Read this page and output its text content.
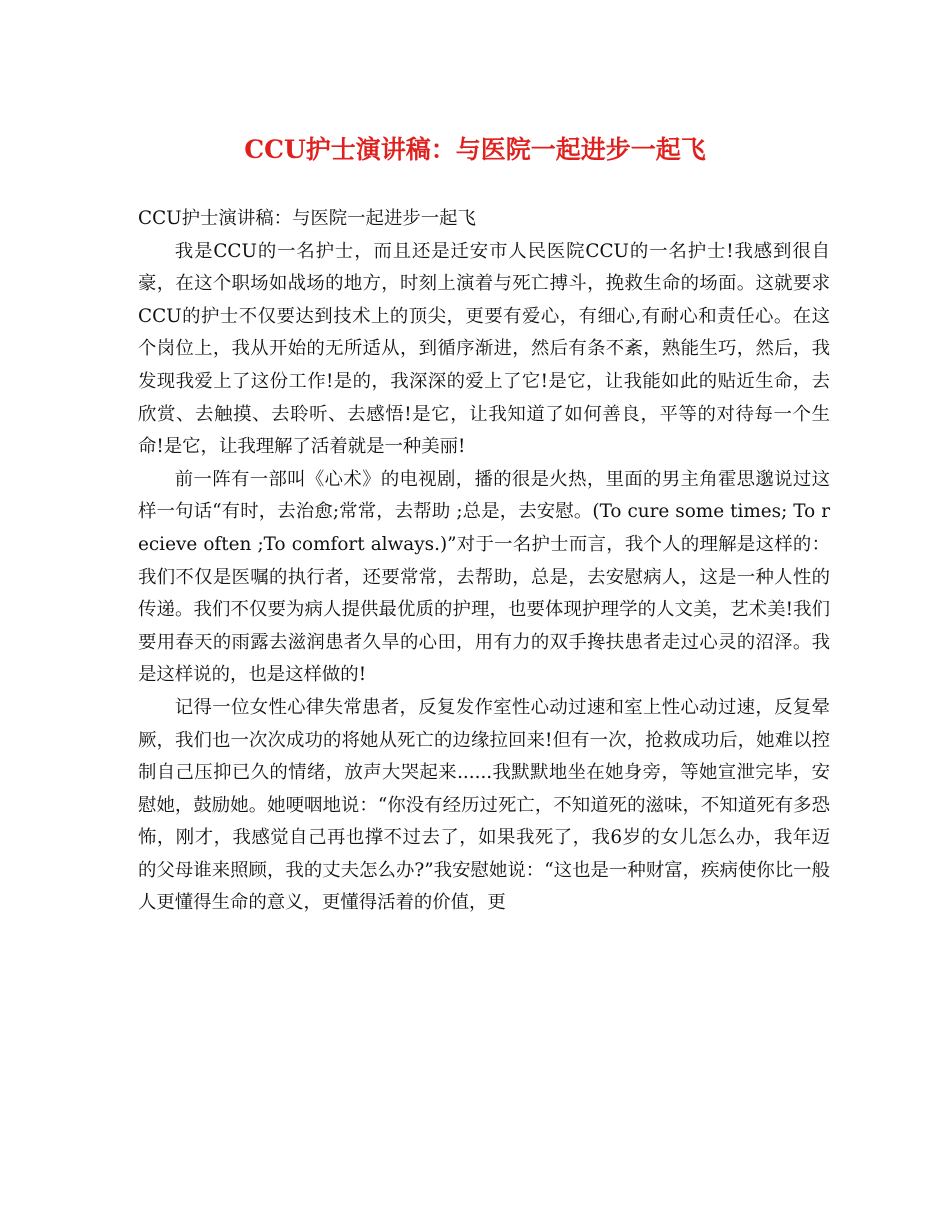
CCU护士演讲稿：与医院一起进步一起飞

CCU护士演讲稿：与医院一起进步一起飞

我是CCU的一名护士，而且还是迁安市人民医院CCU的一名护士!我感到很自豪，在这个职场如战场的地方，时刻上演着与死亡搏斗，挽救生命的场面。这就要求CCU的护士不仅要达到技术上的顶尖，更要有爱心，有细心,有耐心和责任心。在这个岗位上，我从开始的无所适从，到循序渐进，然后有条不紊，熟能生巧，然后，我发现我爱上了这份工作!是的，我深深的爱上了它!是它，让我能如此的贴近生命，去欣赏、去触摸、去聆听、去感悟!是它，让我知道了如何善良，平等的对待每一个生命!是它，让我理解了活着就是一种美丽!

前一阵有一部叫《心术》的电视剧，播的很是火热，里面的男主角霍思邈说过这样一句话“有时，去治愈;常常，去帮助 ;总是，去安慰。(To cure some times; To recieve often ;To comfort always.)”对于一名护士而言，我个人的理解是这样的：我们不仅是医嘱的执行者，还要常常，去帮助，总是，去安慰病人，这是一种人性的传递。我们不仅要为病人提供最优质的护理，也要体现护理学的人文美，艺术美!我们要用春天的雨露去滋润患者久旱的心田，用有力的双手搀扶患者走过心灵的沼泽。我是这样说的，也是这样做的!

记得一位女性心律失常患者，反复发作室性心动过速和室上性心动过速，反复晕厥，我们也一次次成功的将她从死亡的边缘拉回来!但有一次，抢救成功后，她难以控制自己压抑已久的情绪，放声大哭起来......我默默地坐在她身旁，等她宣泄完毕，安慰她，鼓励她。她哽咽地说：“你没有经历过死亡，不知道死的滋味，不知道死有多恐怖，刚才，我感觉自己再也撑不过去了，如果我死了，我6岁的女儿怎么办，我年迈的父母谁来照顾，我的丈夫怎么办?”我安慰她说：“这也是一种财富，疾病使你比一般人更懂得生命的意义，更懂得活着的价值，更
